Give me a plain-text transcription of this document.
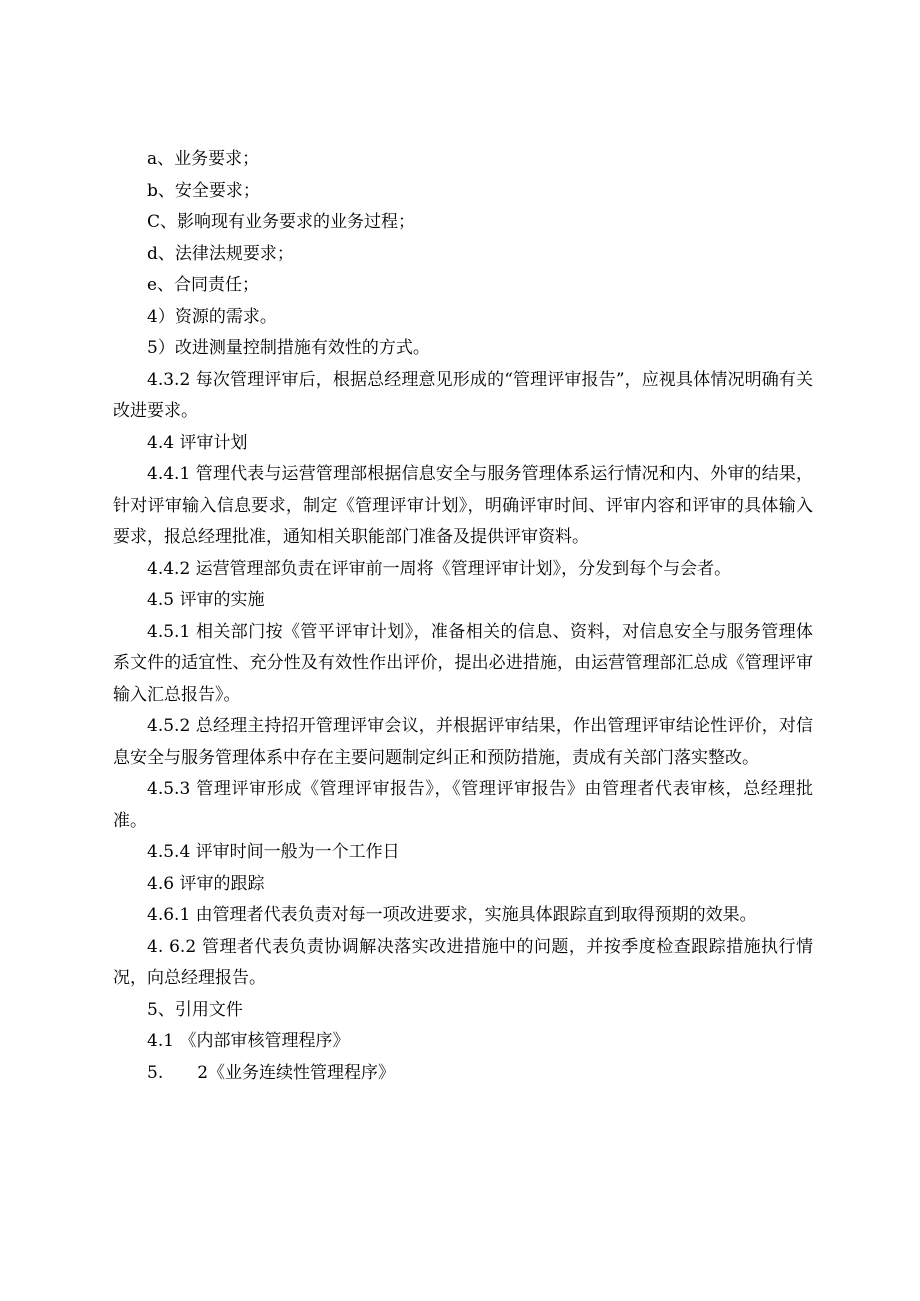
a、业务要求；

b、安全要求；

C、影响现有业务要求的业务过程；

d、法律法规要求；

e、合同责任；

4）资源的需求。

5）改进测量控制措施有效性的方式。

4.3.2 每次管理评审后，根据总经理意见形成的“管理评审报告”，应视具体情况明确有关改进要求。

4.4 评审计划

4.4.1 管理代表与运营管理部根据信息安全与服务管理体系运行情况和内、外审的结果，针对评审输入信息要求，制定《管理评审计划》，明确评审时间、评审内容和评审的具体输入要求，报总经理批准，通知相关职能部门准备及提供评审资料。

4.4.2 运营管理部负责在评审前一周将《管理评审计划》，分发到每个与会者。

4.5 评审的实施

4.5.1 相关部门按《管平评审计划》，准备相关的信息、资料，对信息安全与服务管理体系文件的适宜性、充分性及有效性作出评价，提出必进措施，由运营管理部汇总成《管理评审输入汇总报告》。

4.5.2 总经理主持招开管理评审会议，并根据评审结果，作出管理评审结论性评价，对信息安全与服务管理体系中存在主要问题制定纠正和预防措施，责成有关部门落实整改。

4.5.3 管理评审形成《管理评审报告》，《管理评审报告》由管理者代表审核，总经理批准。

4.5.4 评审时间一般为一个工作日

4.6 评审的跟踪

4.6.1 由管理者代表负责对每一项改进要求，实施具体跟踪直到取得预期的效果。

4. 6.2 管理者代表负责协调解决落实改进措施中的问题，并按季度检查跟踪措施执行情况，向总经理报告。

5、引用文件

4.1 《内部审核管理程序》

5.　　2《业务连续性管理程序》
